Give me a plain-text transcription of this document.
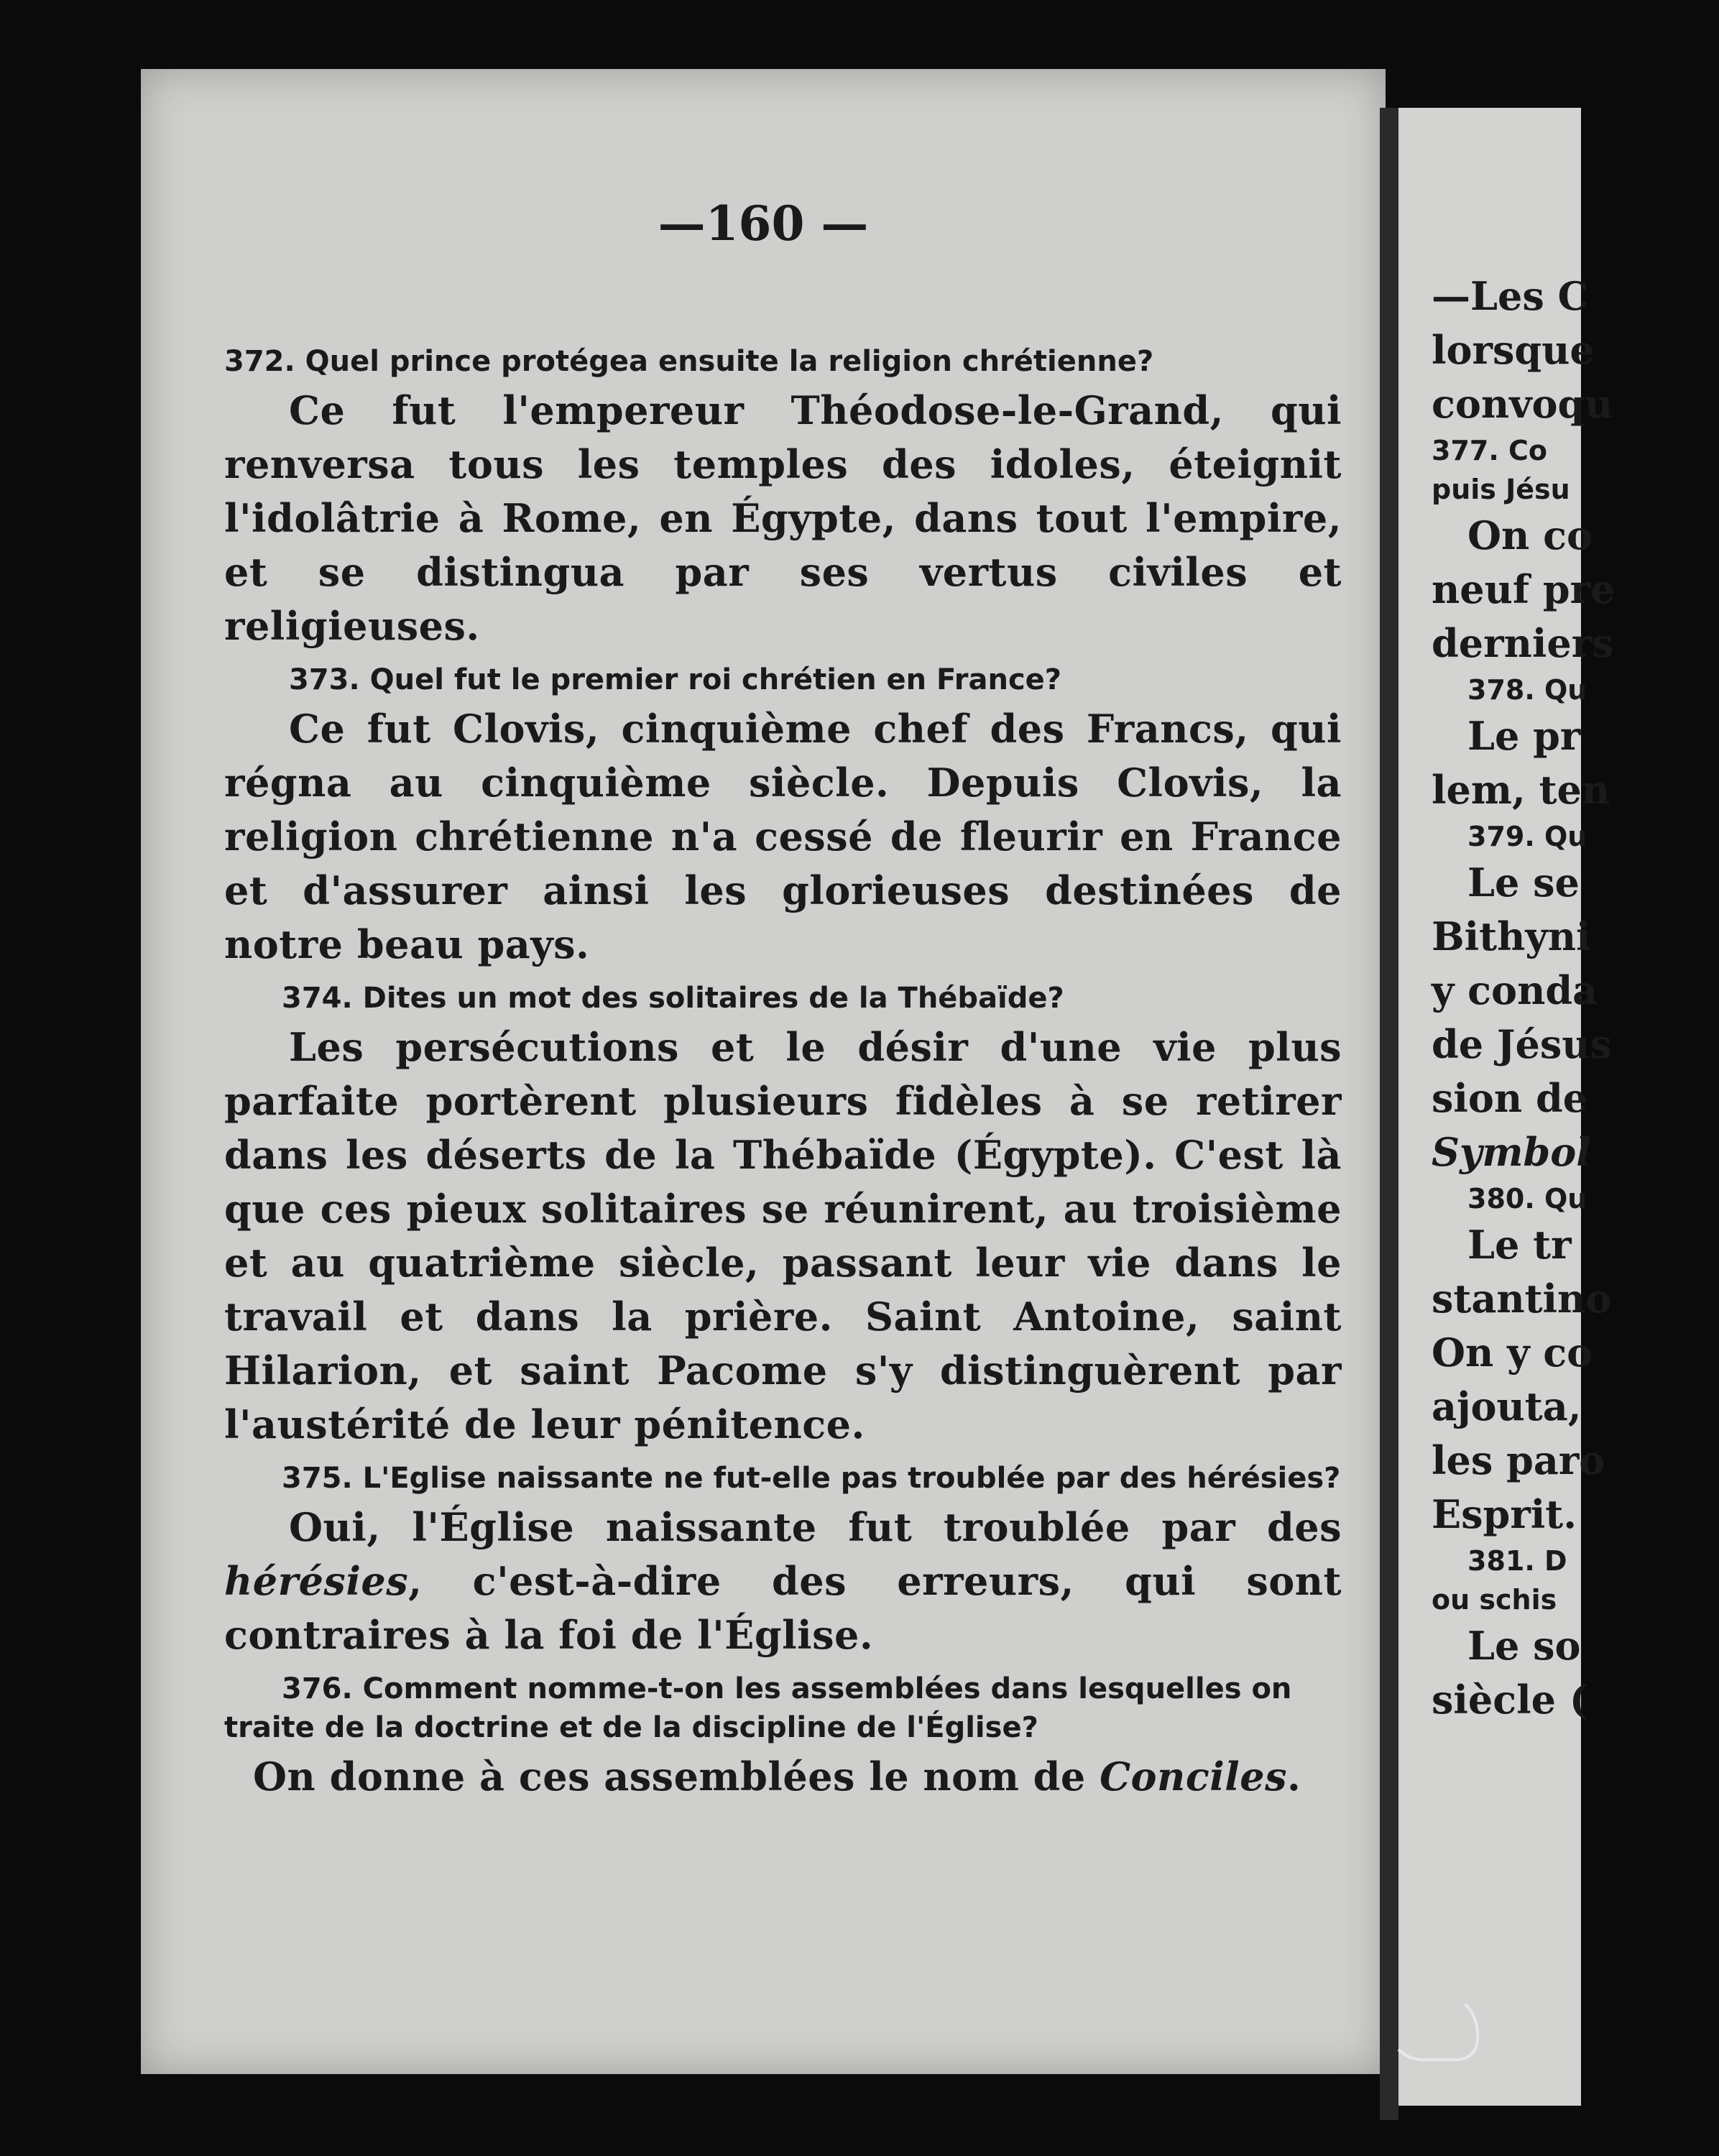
—160 —
372. Quel prince protégea ensuite la religion chrétienne?

Ce fut l'empereur Théodose-le-Grand, qui renversa tous les temples des idoles, éteignit l'idolâtrie à Rome, en Égypte, dans tout l'empire, et se distingua par ses vertus civiles et religieuses.

373. Quel fut le premier roi chrétien en France?

Ce fut Clovis, cinquième chef des Francs, qui régna au cinquième siècle. Depuis Clovis, la religion chrétienne n'a cessé de fleurir en France et d'assurer ainsi les glorieuses destinées de notre beau pays.

374. Dites un mot des solitaires de la Thébaïde?

Les persécutions et le désir d'une vie plus parfaite portèrent plusieurs fidèles à se retirer dans les déserts de la Thébaïde (Égypte). C'est là que ces pieux solitaires se réunirent, au troisième et au quatrième siècle, passant leur vie dans le travail et dans la prière. Saint Antoine, saint Hilarion, et saint Pacome s'y distinguèrent par l'austérité de leur pénitence.

375. L'Eglise naissante ne fut-elle pas troublée par des hérésies?

Oui, l'Église naissante fut troublée par des hérésies, c'est-à-dire des erreurs, qui sont contraires à la foi de l'Église.

376. Comment nomme-t-on les assemblées dans lesquelles on traite de la doctrine et de la discipline de l'Église?

On donne à ces assemblées le nom de Conciles.

—Les C
lorsque
convoqu
377. Co
puis Jésu
On co
neuf pre
derniers
378. Qu
Le pr
lem, ten
379. Qu
Le se
Bithyni
y conda
de Jésus
sion de
Symbol
380. Qu
Le tr
stantino
On y co
ajouta,
les paro
Esprit.
381. D
ou schis
Le so
siècle (
